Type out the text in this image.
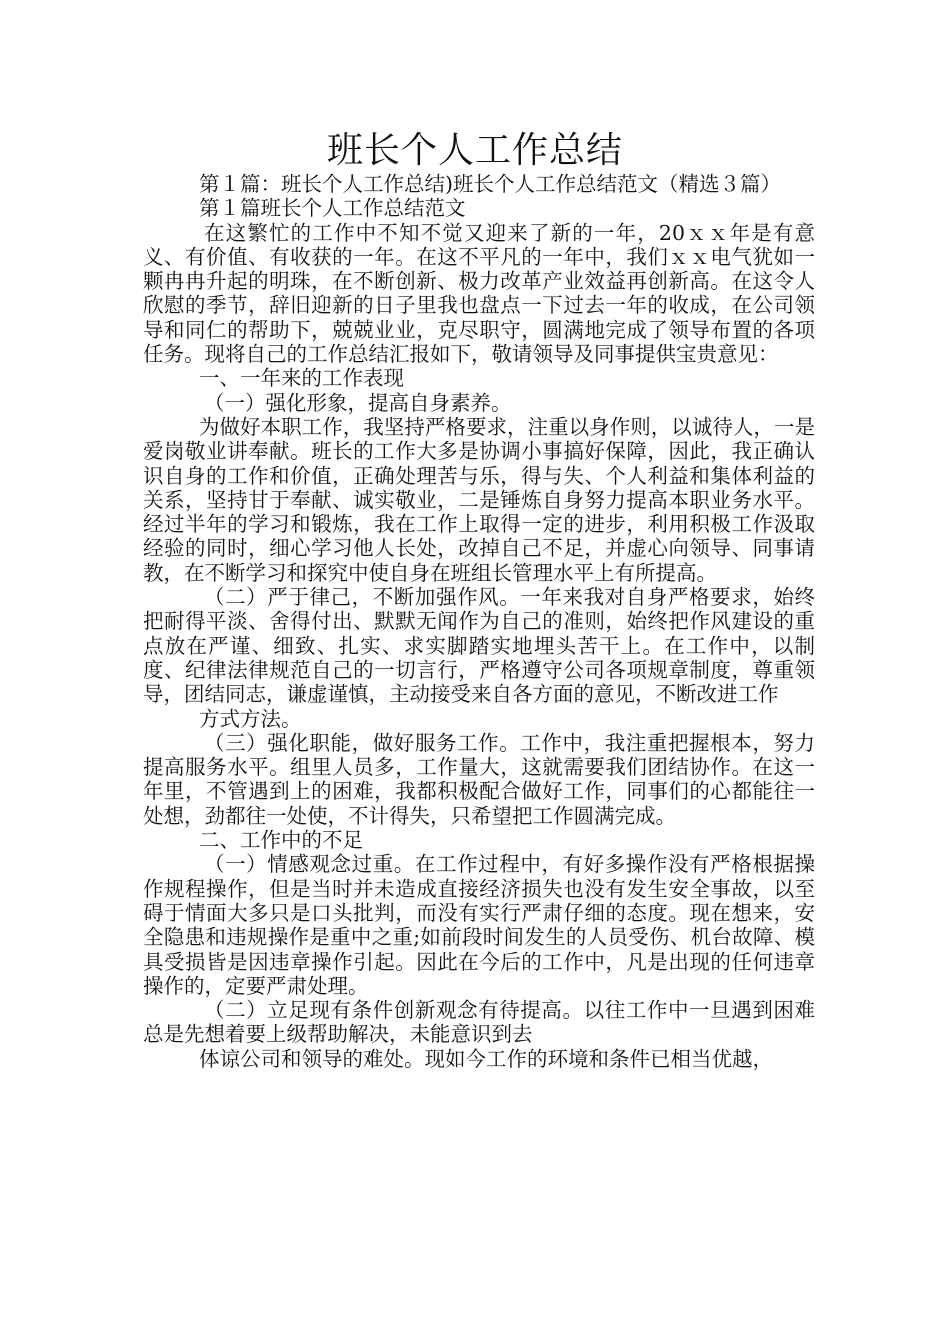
班长个人工作总结

第１篇：班长个人工作总结)班长个人工作总结范文（精选３篇）

第１篇班长个人工作总结范文

在这繁忙的工作中不知不觉又迎来了新的一年，20ｘｘ年是有意义、有价值、有收获的一年。在这不平凡的一年中，我们ｘｘ电气犹如一颗冉冉升起的明珠，在不断创新、极力改革产业效益再创新高。在这令人欣慰的季节，辞旧迎新的日子里我也盘点一下过去一年的收成，在公司领导和同仁的帮助下，兢兢业业，克尽职守，圆满地完成了领导布置的各项任务。现将自己的工作总结汇报如下，敬请领导及同事提供宝贵意见：

一、一年来的工作表现

（一）强化形象，提高自身素养。

为做好本职工作，我坚持严格要求，注重以身作则，以诚待人，一是爱岗敬业讲奉献。班长的工作大多是协调小事搞好保障，因此，我正确认识自身的工作和价值，正确处理苦与乐，得与失、个人利益和集体利益的关系，坚持甘于奉献、诚实敬业，二是锤炼自身努力提高本职业务水平。经过半年的学习和锻炼，我在工作上取得一定的进步，利用积极工作汲取经验的同时，细心学习他人长处，改掉自己不足，并虚心向领导、同事请教，在不断学习和探究中使自身在班组长管理水平上有所提高。

（二）严于律己，不断加强作风。一年来我对自身严格要求，始终把耐得平淡、舍得付出、默默无闻作为自己的准则，始终把作风建设的重点放在严谨、细致、扎实、求实脚踏实地埋头苦干上。在工作中，以制度、纪律法律规范自己的一切言行，严格遵守公司各项规章制度，尊重领导，团结同志，谦虚谨慎，主动接受来自各方面的意见，不断改进工作

方式方法。

（三）强化职能，做好服务工作。工作中，我注重把握根本，努力提高服务水平。组里人员多，工作量大，这就需要我们团结协作。在这一年里，不管遇到上的困难，我都积极配合做好工作，同事们的心都能往一处想，劲都往一处使，不计得失，只希望把工作圆满完成。

二、工作中的不足

（一）情感观念过重。在工作过程中，有好多操作没有严格根据操作规程操作，但是当时并未造成直接经济损失也没有发生安全事故，以至碍于情面大多只是口头批判，而没有实行严肃仔细的态度。现在想来，安全隐患和违规操作是重中之重;如前段时间发生的人员受伤、机台故障、模具受损皆是因违章操作引起。因此在今后的工作中，凡是出现的任何违章操作的，定要严肃处理。

（二）立足现有条件创新观念有待提高。以往工作中一旦遇到困难总是先想着要上级帮助解决，未能意识到去

体谅公司和领导的难处。现如今工作的环境和条件已相当优越，
